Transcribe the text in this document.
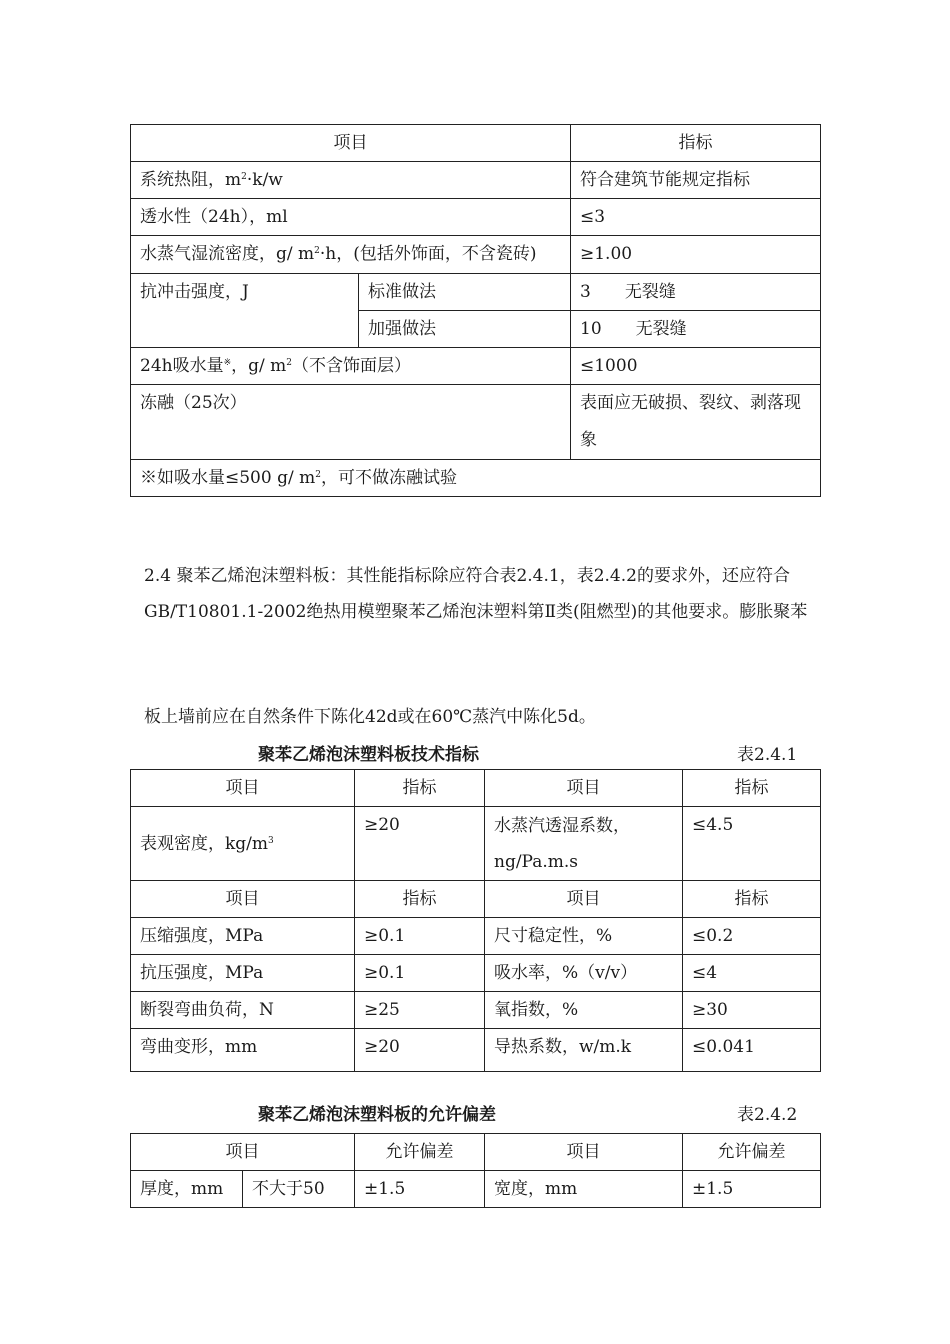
项目		指标
系统热阻，$m^2\cdot k/w$		符合建筑节能规定指标
透水性（24h），ml		≤3
水蒸气湿流密度，g/ $m^2\cdot h$，(包括外饰面，不含瓷砖)		≥1.00
抗冲击强度，J	标准做法	3　　无裂缝
	加强做法	10　　无裂缝
24h吸水量※，g/ $m^2$（不含饰面层）		≤1000
冻融（25次）		表面应无破损、裂纹、剥落现象
※如吸水量≤500 g/ $m^2$，可不做冻融试验		

2.4 聚苯乙烯泡沫塑料板：其性能指标除应符合表2.4.1，表2.4.2的要求外，还应符合GB/T10801.1-2002绝热用模塑聚苯乙烯泡沫塑料第Ⅱ类(阻燃型)的其他要求。膨胀聚苯

板上墙前应在自然条件下陈化42d或在60℃蒸汽中陈化5d。

聚苯乙烯泡沫塑料板技术指标	表2.4.1
项目	指标	项目	指标
表观密度，$kg/m^3$	≥20	水蒸汽透湿系数，ng/Pa.m.s	≤4.5
项目	指标	项目	指标
压缩强度，MPa	≥0.1	尺寸稳定性，%	≤0.2
抗压强度，MPa	≥0.1	吸水率，%（v/v）	≤4
断裂弯曲负荷，N	≥25	氧指数，%	≥30
弯曲变形，mm	≥20	导热系数，w/m.k	≤0.041
聚苯乙烯泡沫塑料板的允许偏差	表2.4.2
项目		允许偏差	项目	允许偏差
厚度，mm	不大于50	±1.5	宽度，mm	±1.5
